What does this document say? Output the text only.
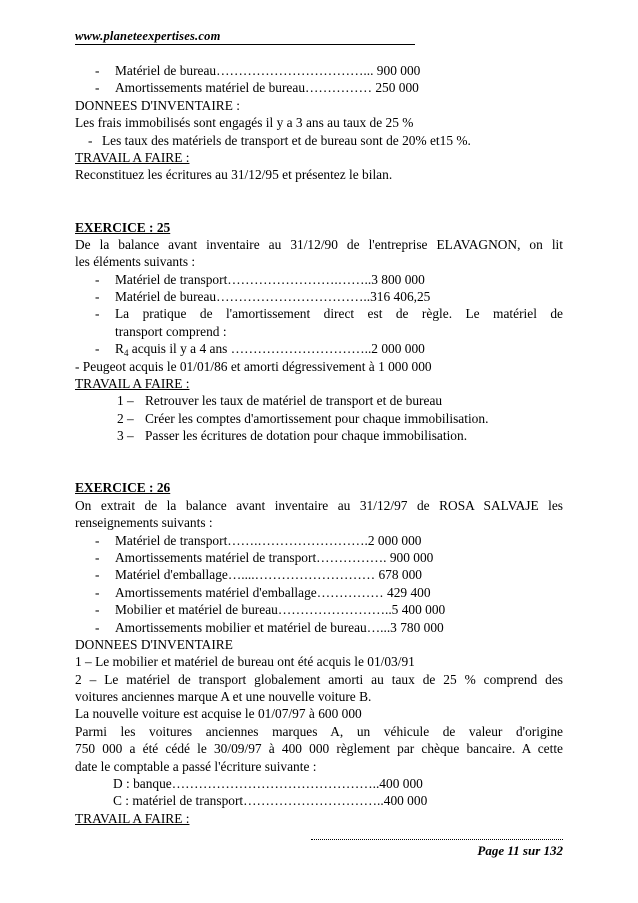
www.planeteexpertises.com
- Matériel de bureau……………………………... 900 000
- Amortissements matériel de bureau…………… 250 000
DONNEES D'INVENTAIRE :
Les frais immobilisés sont engagés il y a 3 ans au taux de 25 %
- Les taux des matériels de transport et de bureau sont de 20% et15 %.
TRAVAIL A FAIRE :
Reconstituez les écritures au 31/12/95 et présentez le bilan.
EXERCICE : 25
De la balance avant inventaire au 31/12/90 de l'entreprise ELAVAGNON, on lit
les éléments suivants :
- Matériel de transport…………………….……..3 800 000
- Matériel de bureau……………………………..316 406,25
-	La pratique de l'amortissement direct est de règle. Le matériel de
transport comprend :
- $R_4$ acquis il y a 4 ans …………………………..2 000 000
- Peugeot acquis le 01/01/86 et amorti dégressivement à 1 000 000
TRAVAIL A FAIRE :
1 – Retrouver les taux de matériel de transport et de bureau
2 – Créer les comptes d'amortissement pour chaque immobilisation.
3 – Passer les écritures de dotation pour chaque immobilisation.
EXERCICE : 26
On extrait de la balance avant inventaire au 31/12/97 de ROSA SALVAJE les
renseignements suivants :
- Matériel de transport…….…………………….2 000 000
- Amortissements matériel de transport……………. 900 000
- Matériel d'emballage…....……………………… 678 000
- Amortissements matériel d'emballage…………… 429 400
- Mobilier et matériel de bureau……………………..5 400 000
- Amortissements mobilier et matériel de bureau…...3 780 000
DONNEES D'INVENTAIRE
1 – Le mobilier et matériel de bureau ont été acquis le 01/03/91
2 – Le matériel de transport globalement amorti au taux de 25 % comprend des
voitures anciennes marque A et une nouvelle voiture B.
La nouvelle voiture est acquise le 01/07/97 à 600 000
Parmi les voitures anciennes marques A, un véhicule de valeur d'origine
750 000 a été cédé le 30/09/97 à 400 000 règlement par chèque bancaire. A cette
date le comptable a passé l'écriture suivante :
D : banque………………………………………..400 000
C : matériel de transport…………………………..400 000
TRAVAIL A FAIRE :
Page 11 sur 132
